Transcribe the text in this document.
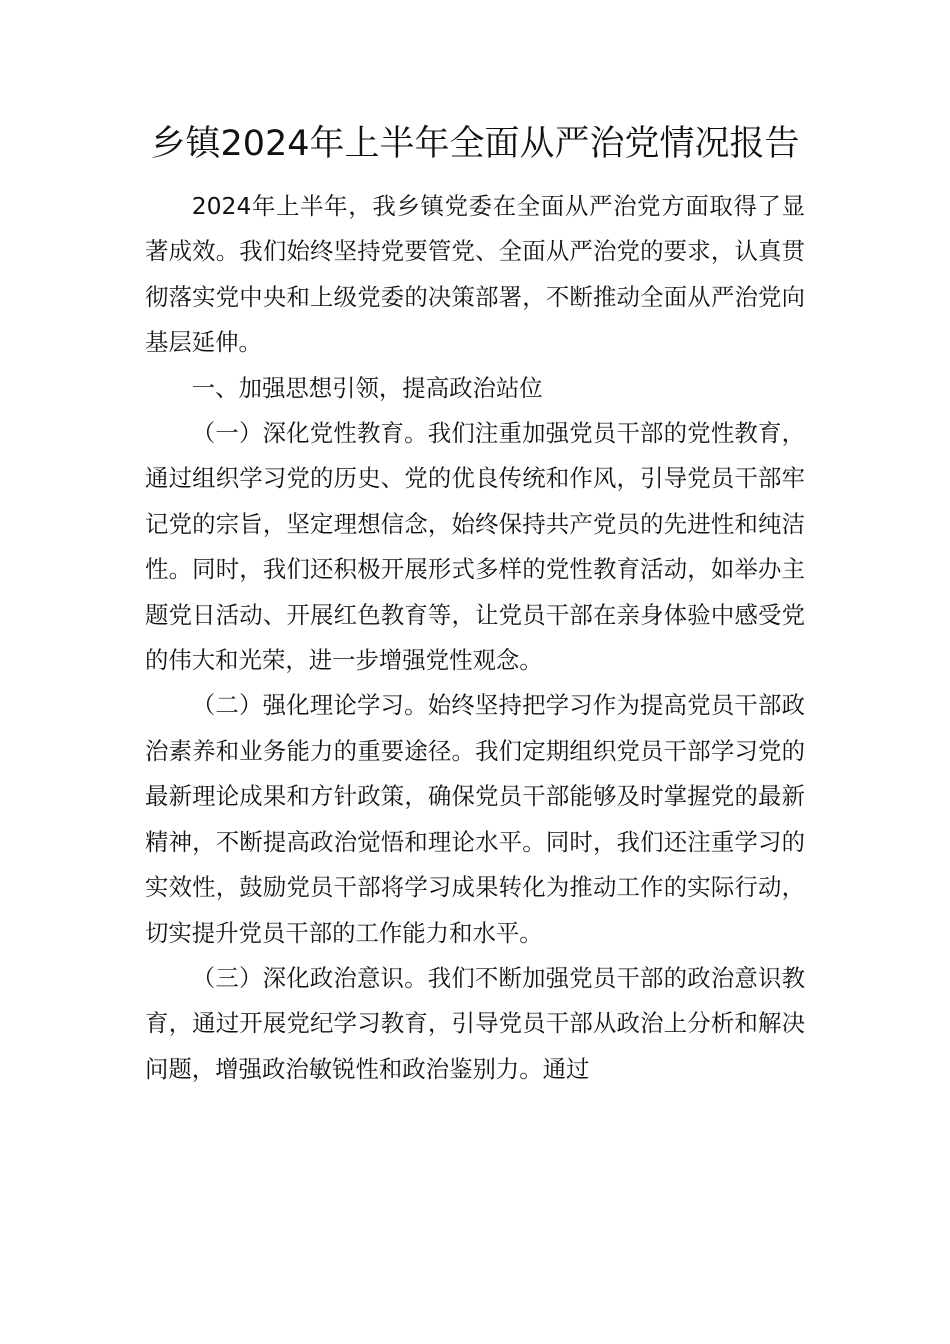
乡镇2024年上半年全面从严治党情况报告

2024年上半年，我乡镇党委在全面从严治党方面取得了显著成效。我们始终坚持党要管党、全面从严治党的要求，认真贯彻落实党中央和上级党委的决策部署，不断推动全面从严治党向基层延伸。

一、加强思想引领，提高政治站位

（一）深化党性教育。我们注重加强党员干部的党性教育，通过组织学习党的历史、党的优良传统和作风，引导党员干部牢记党的宗旨，坚定理想信念，始终保持共产党员的先进性和纯洁性。同时，我们还积极开展形式多样的党性教育活动，如举办主题党日活动、开展红色教育等，让党员干部在亲身体验中感受党的伟大和光荣，进一步增强党性观念。

（二）强化理论学习。始终坚持把学习作为提高党员干部政治素养和业务能力的重要途径。我们定期组织党员干部学习党的最新理论成果和方针政策，确保党员干部能够及时掌握党的最新精神，不断提高政治觉悟和理论水平。同时，我们还注重学习的实效性，鼓励党员干部将学习成果转化为推动工作的实际行动，切实提升党员干部的工作能力和水平。

（三）深化政治意识。我们不断加强党员干部的政治意识教育，通过开展党纪学习教育，引导党员干部从政治上分析和解决问题，增强政治敏锐性和政治鉴别力。通过
